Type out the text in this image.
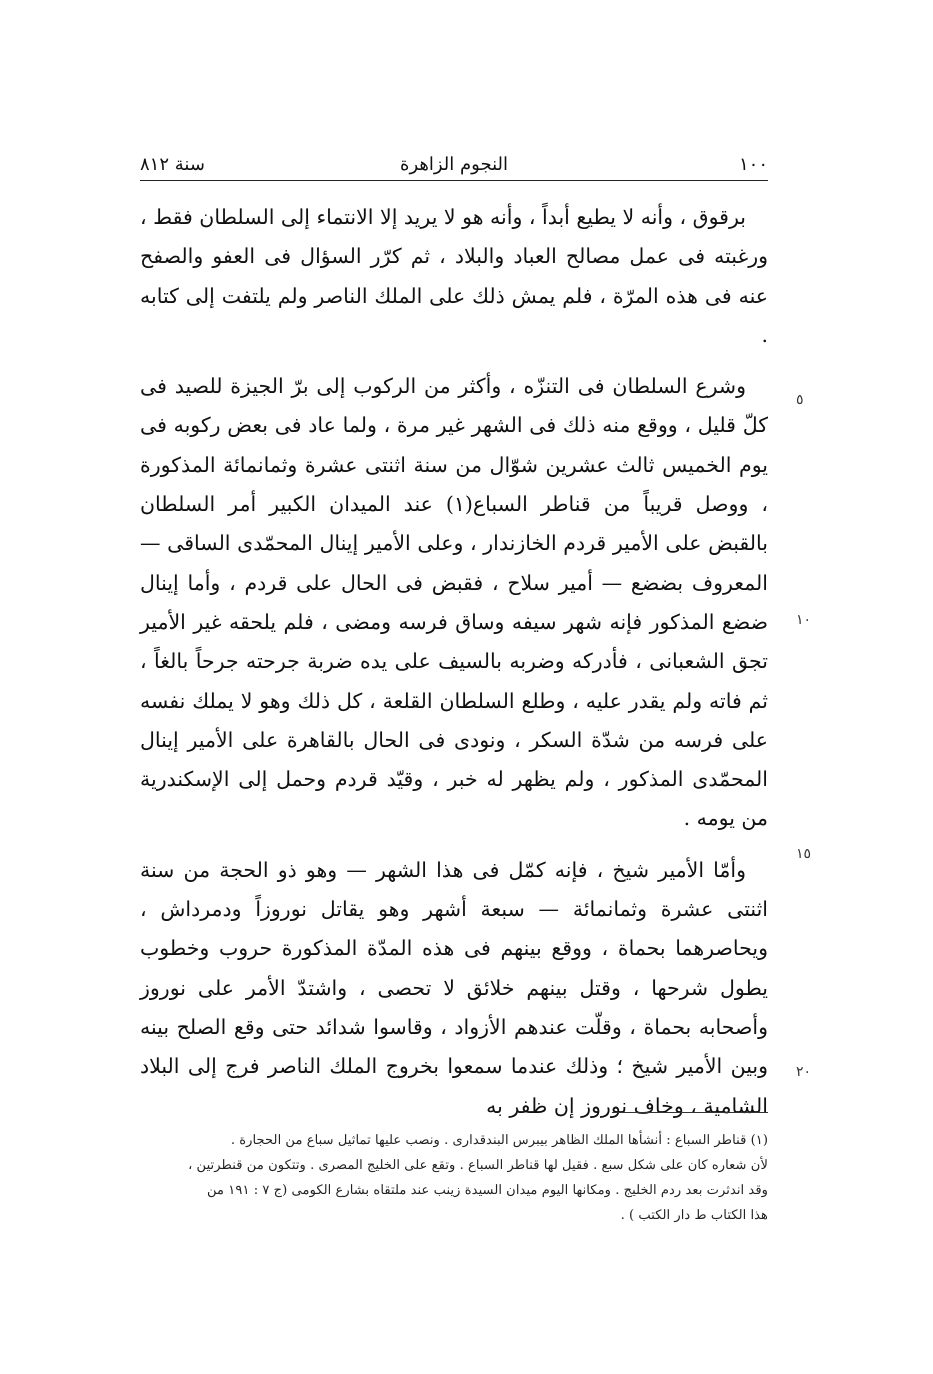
١٠٠
النجوم الزاهرة
سنة ٨١٢

برقوق ، وأنه لا يطيع أبداً ، وأنه هو لا يريد إلا الانتماء إلى السلطان فقط ، ورغبته فى عمل مصالح العباد والبلاد ، ثم كرّر السؤال فى العفو والصفح عنه فى هذه المرّة ، فلم يمش ذلك على الملك الناصر ولم يلتفت إلى كتابه .

وشرع السلطان فى التنزّه ، وأكثر من الركوب إلى برّ الجيزة للصيد فى كلّ قليل ، ووقع منه ذلك فى الشهر غير مرة ، ولما عاد فى بعض ركوبه فى يوم الخميس ثالث عشرين شوّال من سنة اثنتى عشرة وثمانمائة المذكورة ، ووصل قريباً من قناطر السباع(١) عند الميدان الكبير أمر السلطان بالقبض على الأمير قردم الخازندار ، وعلى الأمير إينال المحمّدى الساقى — المعروف بضضع — أمير سلاح ، فقبض فى الحال على قردم ، وأما إينال ضضع المذكور فإنه شهر سيفه وساق فرسه ومضى ، فلم يلحقه غير الأمير تجق الشعبانى ، فأدركه وضربه بالسيف على يده ضربة جرحته جرحاً بالغاً ، ثم فاته ولم يقدر عليه ، وطلع السلطان القلعة ، كل ذلك وهو لا يملك نفسه على فرسه من شدّة السكر ، ونودى فى الحال بالقاهرة على الأمير إينال المحمّدى المذكور ، ولم يظهر له خبر ، وقيّد قردم وحمل إلى الإسكندرية من يومه .

وأمّا الأمير شيخ ، فإنه كمّل فى هذا الشهر — وهو ذو الحجة من سنة اثنتى عشرة وثمانمائة — سبعة أشهر وهو يقاتل نوروزاً ودمرداش ، ويحاصرهما بحماة ، ووقع بينهم فى هذه المدّة المذكورة حروب وخطوب يطول شرحها ، وقتل بينهم خلائق لا تحصى ، واشتدّ الأمر على نوروز وأصحابه بحماة ، وقلّت عندهم الأزواد ، وقاسوا شدائد حتى وقع الصلح بينه وبين الأمير شيخ ؛ وذلك عندما سمعوا بخروج الملك الناصر فرج إلى البلاد الشامية ، وخاف نوروز إن ظفر به

٥
١٠
١٥
٢٠

(١) قناطر السباع : أنشأها الملك الظاهر بيبرس البندقدارى . ونصب عليها تماثيل سباع من الحجارة .

لأن شعاره كان على شكل سبع . فقيل لها قناطر السباع . وتقع على الخليج المصرى . وتتكون من قنطرتين ،

وقد اندثرت بعد ردم الخليج . ومكانها اليوم ميدان السيدة زينب عند ملتقاه بشارع الكومى (ج ٧ : ١٩١ من

هذا الكتاب ط دار الكتب ) .
